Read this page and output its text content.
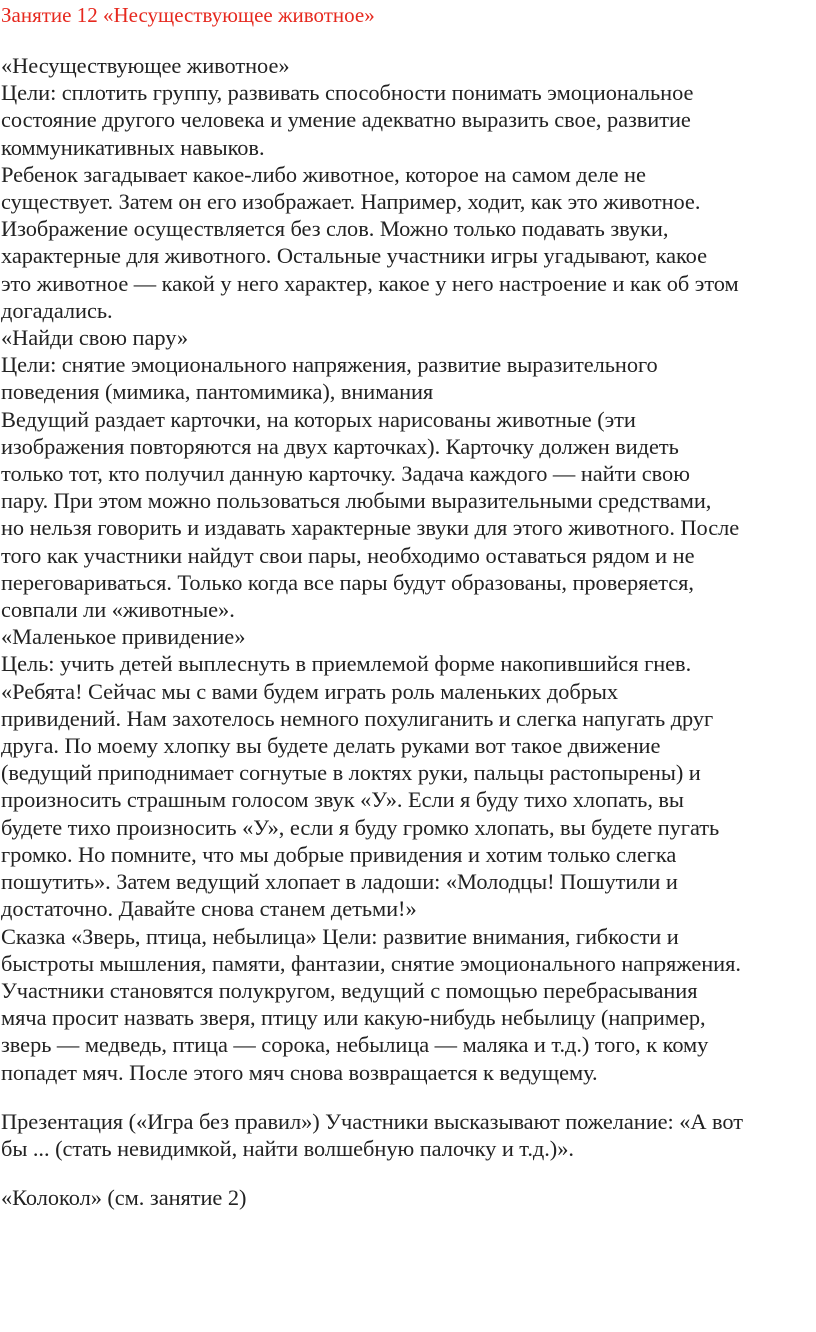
Занятие 12 «Несуществующее животное»
«Несуществующее животное»
Цели: сплотить группу, развивать способности понимать эмоциональное
состояние другого человека и умение адекватно выразить свое, развитие
коммуникативных навыков.
Ребенок загадывает какое-либо животное, которое на самом деле не
существует. Затем он его изображает. Например, ходит, как это животное.
Изображение осуществляется без слов. Можно только подавать звуки,
характерные для животного. Остальные участники игры угадывают, какое
это животное — какой у него характер, какое у него настроение и как об этом
догадались.
«Найди свою пару»
Цели: снятие эмоционального напряжения, развитие выразительного
поведения (мимика, пантомимика), внимания
Ведущий раздает карточки, на которых нарисованы животные (эти
изображения повторяются на двух карточках). Карточку должен видеть
только тот, кто получил данную карточку. Задача каждого — найти свою
пару. При этом можно пользоваться любыми выразительными средствами,
но нельзя говорить и издавать характерные звуки для этого животного. После
того как участники найдут свои пары, необходимо оставаться рядом и не
переговариваться. Только когда все пары будут образованы, проверяется,
совпали ли «животные».
«Маленькое привидение»
Цель: учить детей выплеснуть в приемлемой форме накопившийся гнев.
«Ребята! Сейчас мы с вами будем играть роль маленьких добрых
привидений. Нам захотелось немного похулиганить и слегка напугать друг
друга. По моему хлопку вы будете делать руками вот такое движение
(ведущий приподнимает согнутые в локтях руки, пальцы растопырены) и
произносить страшным голосом звук «У». Если я буду тихо хлопать, вы
будете тихо произносить «У», если я буду громко хлопать, вы будете пугать
громко. Но помните, что мы добрые привидения и хотим только слегка
пошутить». Затем ведущий хлопает в ладоши: «Молодцы! Пошутили и
достаточно. Давайте снова станем детьми!»
Сказка «Зверь, птица, небылица» Цели: развитие внимания, гибкости и
быстроты мышления, памяти, фантазии, снятие эмоционального напряжения.
Участники становятся полукругом, ведущий с помощью перебрасывания
мяча просит назвать зверя, птицу или какую-нибудь небылицу (например,
зверь — медведь, птица — сорока, небылица — маляка и т.д.) того, к кому
попадет мяч. После этого мяч снова возвращается к ведущему.
Презентация («Игра без правил») Участники высказывают пожелание: «А вот
бы ... (стать невидимкой, найти волшебную палочку и т.д.)».
«Колокол» (см. занятие 2)
